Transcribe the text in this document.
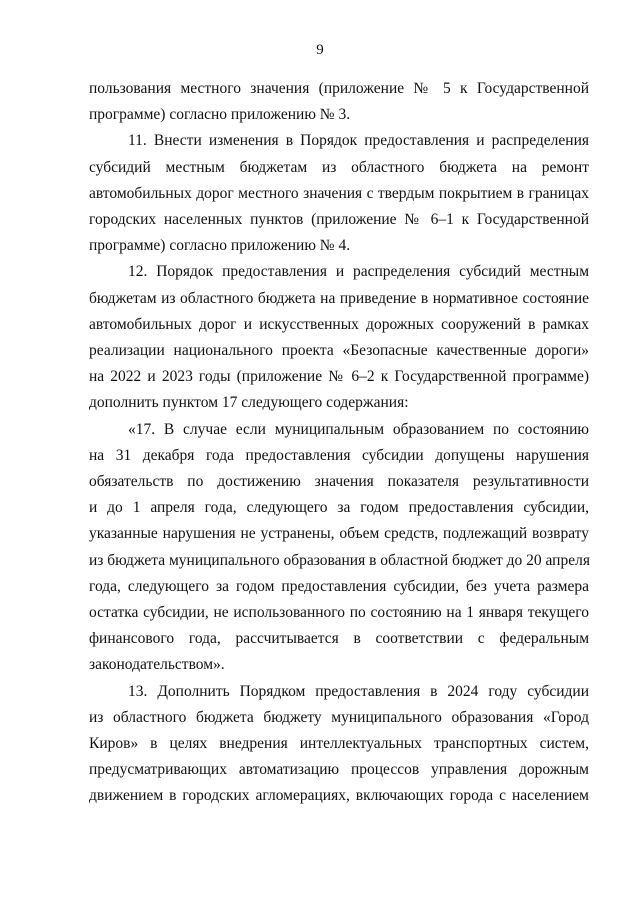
9
пользования местного значения (приложение № 5 к Государственной
программе) согласно приложению № 3.
11. Внести изменения в Порядок предоставления и распределения
субсидий местным бюджетам из областного бюджета на ремонт
автомобильных дорог местного значения с твердым покрытием в границах
городских населенных пунктов (приложение № 6–1 к Государственной
программе) согласно приложению № 4.
12. Порядок предоставления и распределения субсидий местным
бюджетам из областного бюджета на приведение в нормативное состояние
автомобильных дорог и искусственных дорожных сооружений в рамках
реализации национального проекта «Безопасные качественные дороги»
на 2022 и 2023 годы (приложение № 6–2 к Государственной программе)
дополнить пунктом 17 следующего содержания:
«17. В случае если муниципальным образованием по состоянию
на 31 декабря года предоставления субсидии допущены нарушения
обязательств по достижению значения показателя результативности
и до 1 апреля года, следующего за годом предоставления субсидии,
указанные нарушения не устранены, объем средств, подлежащий возврату
из бюджета муниципального образования в областной бюджет до 20 апреля
года, следующего за годом предоставления субсидии, без учета размера
остатка субсидии, не использованного по состоянию на 1 января текущего
финансового года, рассчитывается в соответствии с федеральным
законодательством».
13. Дополнить Порядком предоставления в 2024 году субсидии
из областного бюджета бюджету муниципального образования «Город
Киров» в целях внедрения интеллектуальных транспортных систем,
предусматривающих автоматизацию процессов управления дорожным
движением в городских агломерациях, включающих города с населением
